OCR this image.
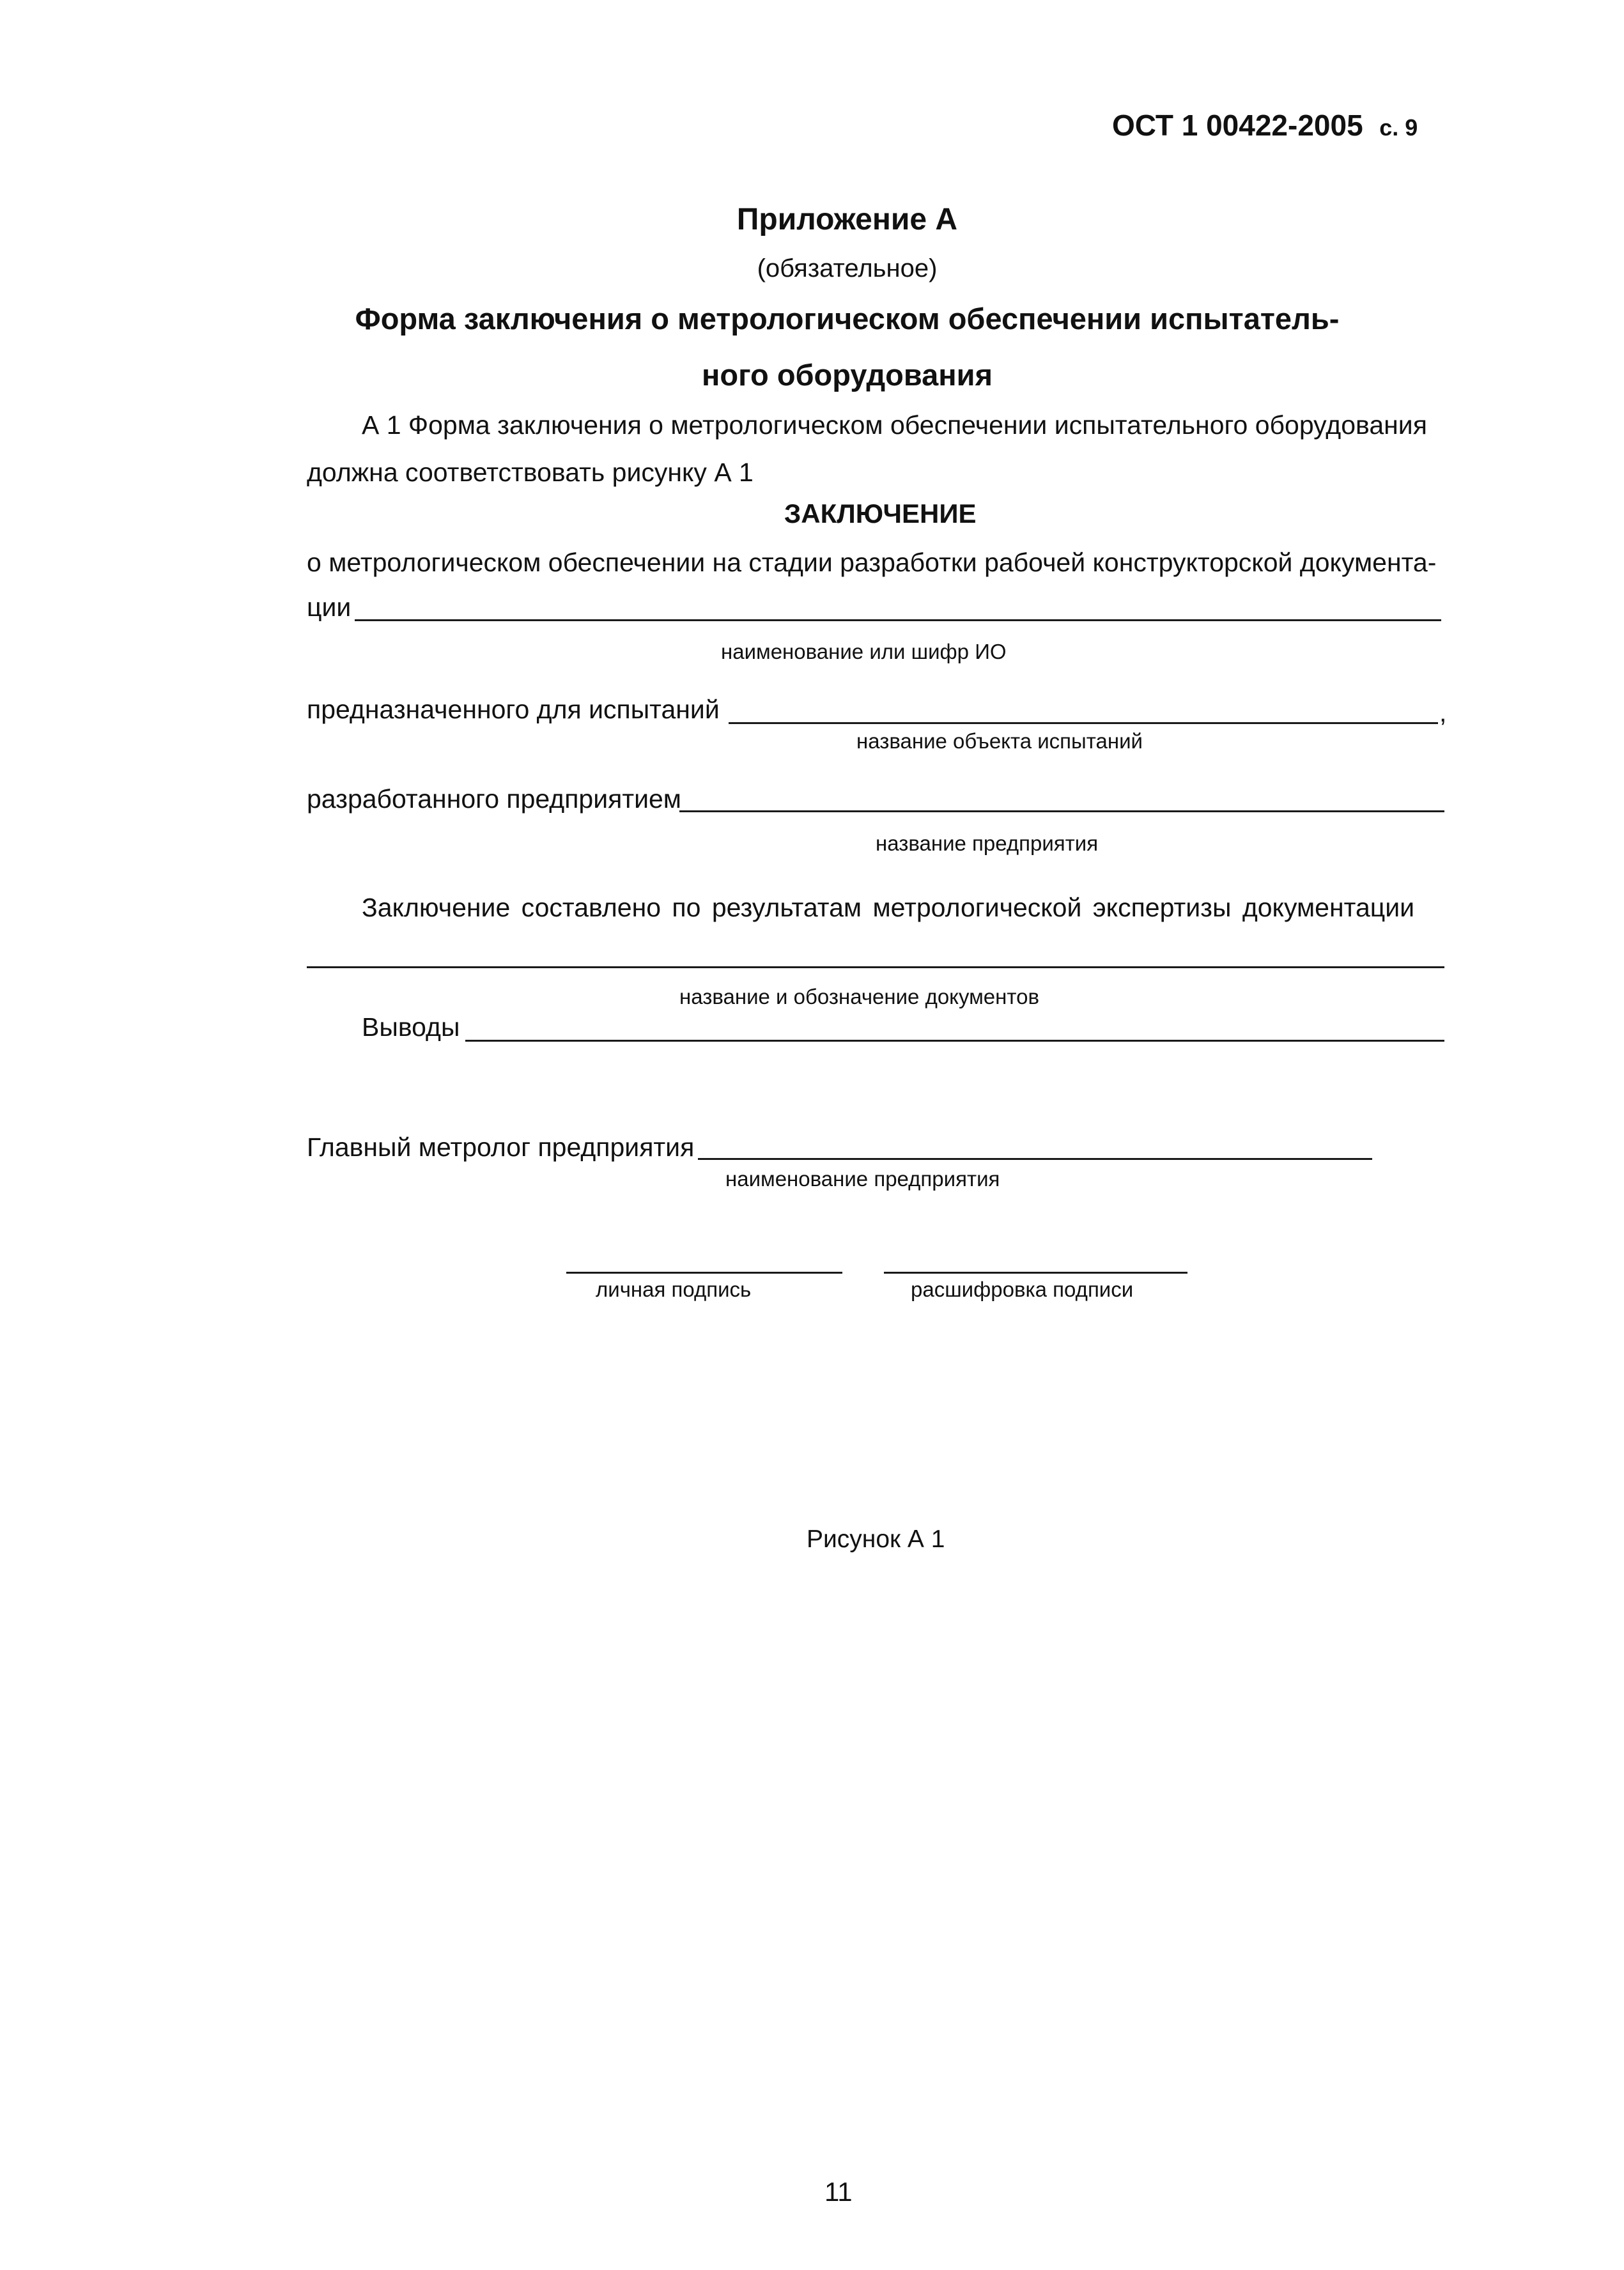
ОСТ 1 00422-2005 с. 9
Приложение А
(обязательное)
Форма заключения о метрологическом обеспечении испытатель-
ного оборудования
А 1 Форма заключения о метрологическом обеспечении испытательного оборудования
должна соответствовать рисунку А 1
ЗАКЛЮЧЕНИЕ
о метрологическом обеспечении на стадии разработки рабочей конструкторской документа-
ции
наименование или шифр ИО
предназначенного для испытаний	,
название объекта испытаний
разработанного предприятием
название предприятия
Заключение составлено по результатам метрологической экспертизы документации
название и обозначение документов
Выводы
Главный метролог предприятия
наименование предприятия
личная подпись	расшифровка подписи
Рисунок А 1
11
